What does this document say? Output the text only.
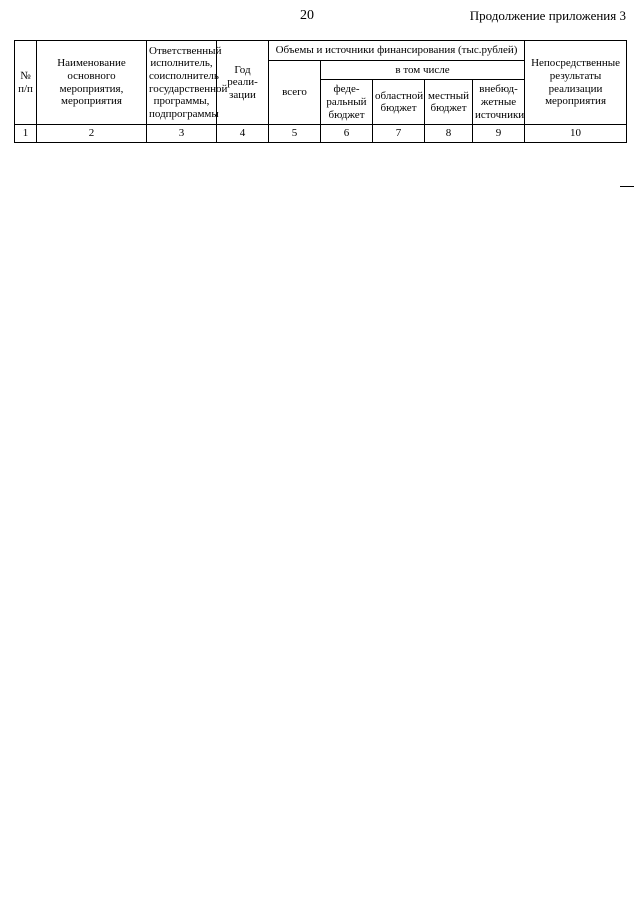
20	Продолжение приложения 3
№ п/п	Наименование основного мероприятия, мероприятия	Ответственный исполнитель, соисполнитель государственной программы, подпрограммы	Год реали-зации	Объемы и источники финансирования (тыс.рублей)					Непосредственные результаты реализации мероприятия
				всего	в том числе				
					феде-ральный бюджет	областной бюджет	местный бюджет	внебюд-жетные источники	
1	2	3	4	5	6	7	8	9	10
